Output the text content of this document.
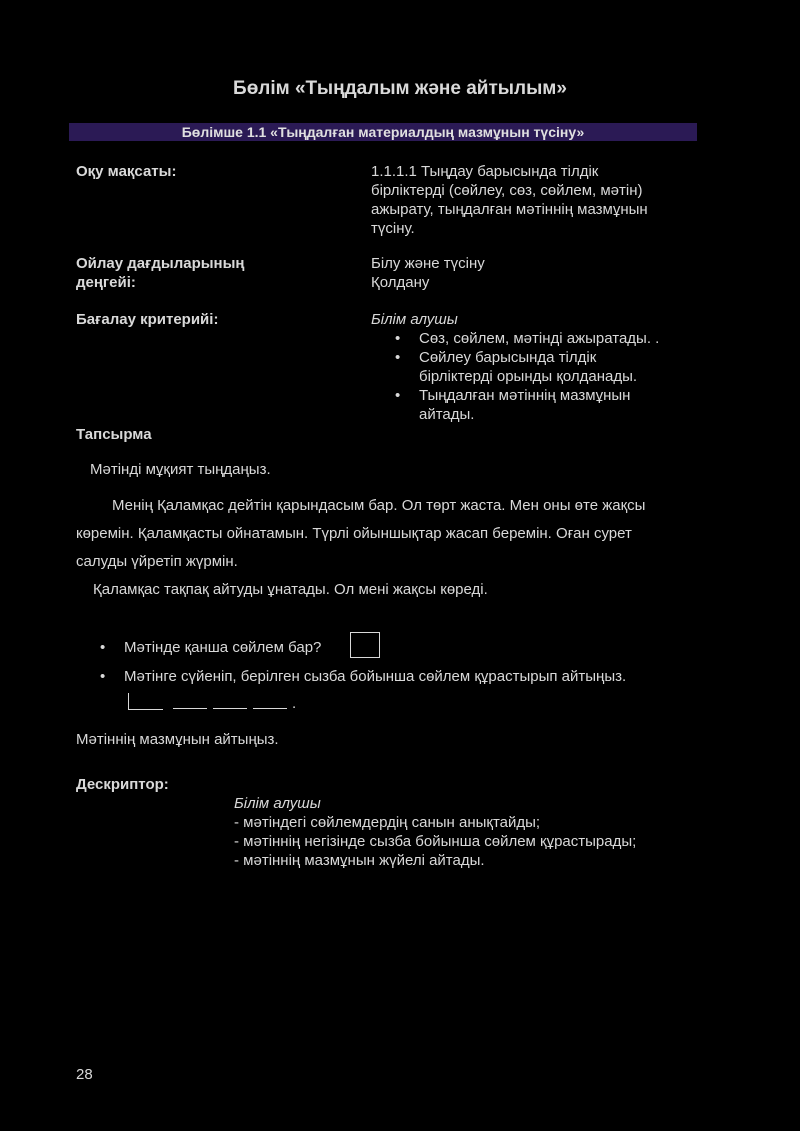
Бөлім «Тыңдалым және айтылым»
Бөлімше 1.1 «Тыңдалған материалдың мазмұнын түсіну»
Оқу мақсаты:	1.1.1.1 Тыңдау барысында тілдік
бірліктерді (сөйлеу, сөз, сөйлем, мәтін)
ажырату, тыңдалған мәтіннің мазмұнын
түсіну.
Ойлау дағдыларының
деңгейі:
Білу және түсіну
Қолдану
Бағалау критерийі:	Білім алушы
• Сөз, сөйлем, мәтінді ажыратады. .
• Сөйлеу барысында тілдік бірліктерді орынды қолданады.
• Тыңдалған мәтіннің мазмұнын айтады.
Тапсырма
Мәтінді мұқият тыңдаңыз.
Менің Қаламқас дейтін қарындасым бар. Ол төрт жаста. Мен оны өте жақсы
көремін. Қаламқасты ойнатамын. Түрлі ойыншықтар жасап беремін. Оған сурет
салуды үйретіп жүрмін.
Қаламқас тақпақ айтуды ұнатады. Ол мені жақсы көреді.
• Мәтінде қанша сөйлем бар?
• Мәтінге сүйеніп, берілген сызба бойынша сөйлем құрастырып айтыңыз.
.
Мәтіннің мазмұнын айтыңыз.
Дескриптор:
Білім алушы
- мәтіндегі сөйлемдердің санын анықтайды;
- мәтіннің негізінде сызба бойынша сөйлем құрастырады;
- мәтіннің мазмұнын жүйелі айтады.
28
